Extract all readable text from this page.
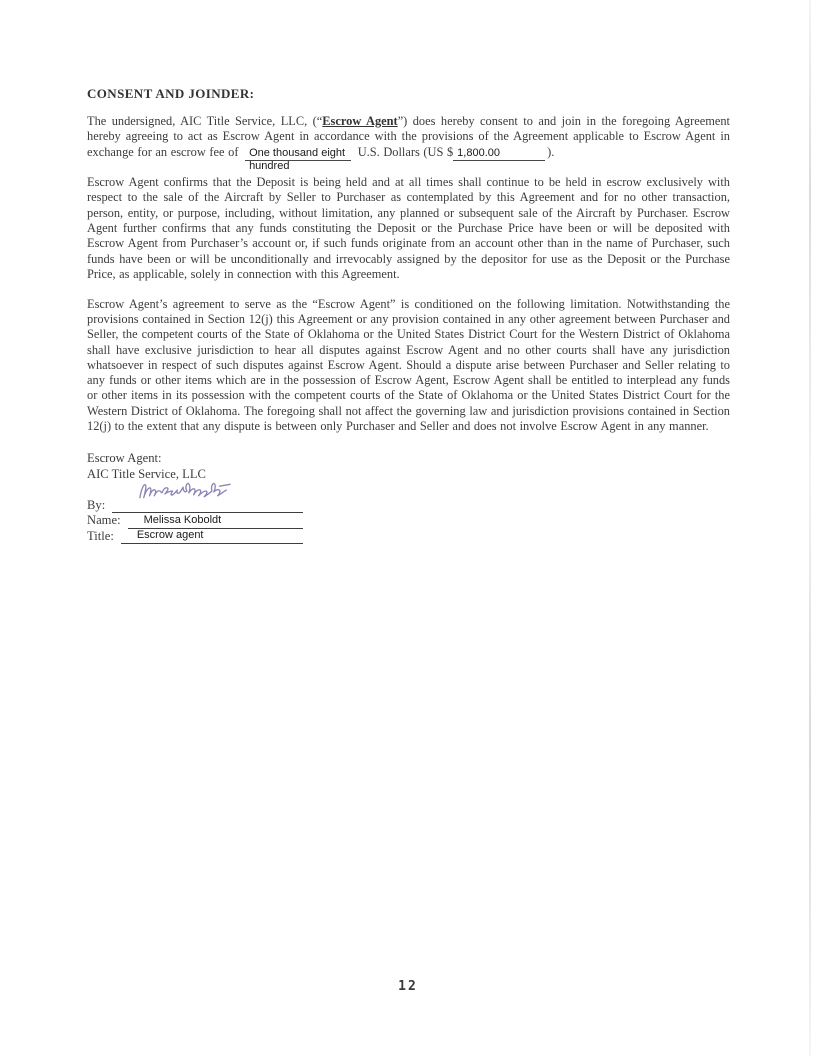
CONSENT AND JOINDER:
The undersigned, AIC Title Service, LLC, (“Escrow Agent”) does hereby consent to and join in the foregoing Agreement hereby agreeing to act as Escrow Agent in accordance with the provisions of the Agreement applicable to Escrow Agent in exchange for an escrow fee of One thousand eight
hundred
U.S. Dollars (US $ 1,800.00	).
Escrow Agent confirms that the Deposit is being held and at all times shall continue to be held in escrow exclusively with respect to the sale of the Aircraft by Seller to Purchaser as contemplated by this Agreement and for no other transaction, person, entity, or purpose, including, without limitation, any planned or subsequent sale of the Aircraft by Purchaser. Escrow Agent further confirms that any funds constituting the Deposit or the Purchase Price have been or will be deposited with Escrow Agent from Purchaser’s account or, if such funds originate from an account other than in the name of Purchaser, such funds have been or will be unconditionally and irrevocably assigned by the depositor for use as the Deposit or the Purchase Price, as applicable, solely in connection with this Agreement.
Escrow Agent’s agreement to serve as the “Escrow Agent” is conditioned on the following limitation. Notwithstanding the provisions contained in Section 12(j) this Agreement or any provision contained in any other agreement between Purchaser and Seller, the competent courts of the State of Oklahoma or the United States District Court for the Western District of Oklahoma shall have exclusive jurisdiction to hear all disputes against Escrow Agent and no other courts shall have any jurisdiction whatsoever in respect of such disputes against Escrow Agent. Should a dispute arise between Purchaser and Seller relating to any funds or other items which are in the possession of Escrow Agent, Escrow Agent shall be entitled to interplead any funds or other items in its possession with the competent courts of the State of Oklahoma or the United States District Court for the Western District of Oklahoma. The foregoing shall not affect the governing law and jurisdiction provisions contained in Section 12(j) to the extent that any dispute is between only Purchaser and Seller and does not involve Escrow Agent in any manner.

Escrow Agent:

AIC Title Service, LLC

By:
Name:	Melissa Koboldt
Title:	Escrow agent
12
